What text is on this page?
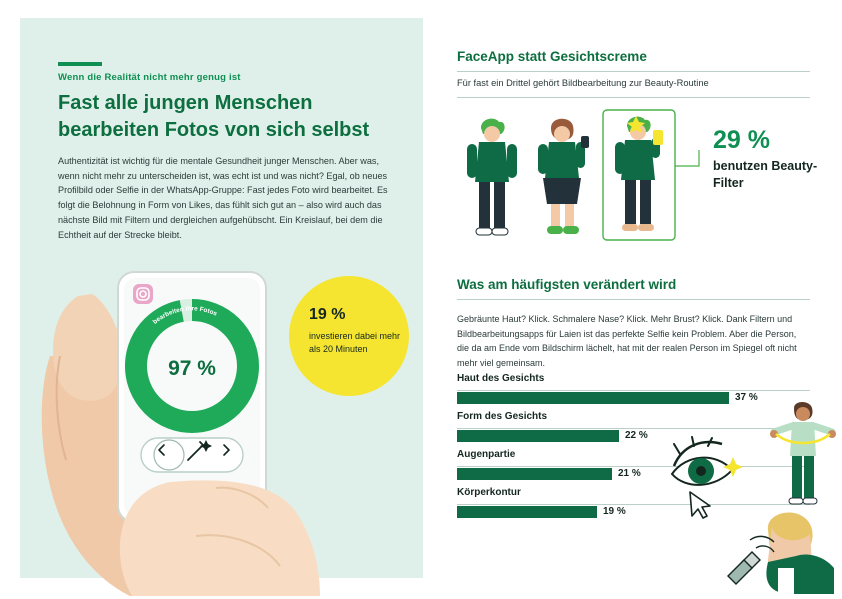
Wenn die Realität nicht mehr genug ist
Fast alle jungen Menschen bearbeiten Fotos von sich selbst
Authentizität ist wichtig für die mentale Gesundheit junger Menschen. Aber was, wenn nicht mehr zu unterscheiden ist, was echt ist und was nicht? Egal, ob neues Profilbild oder Selfie in der WhatsApp-Gruppe: Fast jedes Foto wird bearbeitet. Es folgt die Belohnung in Form von Likes, das fühlt sich gut an – also wird auch das nächste Bild mit Filtern und dergleichen aufgehübscht. Ein Kreislauf, bei dem die Echtheit auf der Strecke bleibt.
97 %
bearbeiten ihre Fotos	19 %
investieren dabei mehr als 20 Minuten
FaceApp statt Gesichtscreme
Für fast ein Drittel gehört Bildbearbeitung zur Beauty-Routine
29 %
benutzen Beauty-Filter
Was am häufigsten verändert wird
Gebräunte Haut? Klick. Schmalere Nase? Klick. Mehr Brust? Klick. Dank Filtern und Bildbearbeitungsapps für Laien ist das perfekte Selfie kein Problem. Aber die Person, die da am Ende vom Bildschirm lächelt, hat mit der realen Person im Spiegel oft nicht mehr viel gemeinsam.
Haut des Gesichts
37 %
Form des Gesichts
22 %
Augenpartie
21 %
Körperkontur
19 %
